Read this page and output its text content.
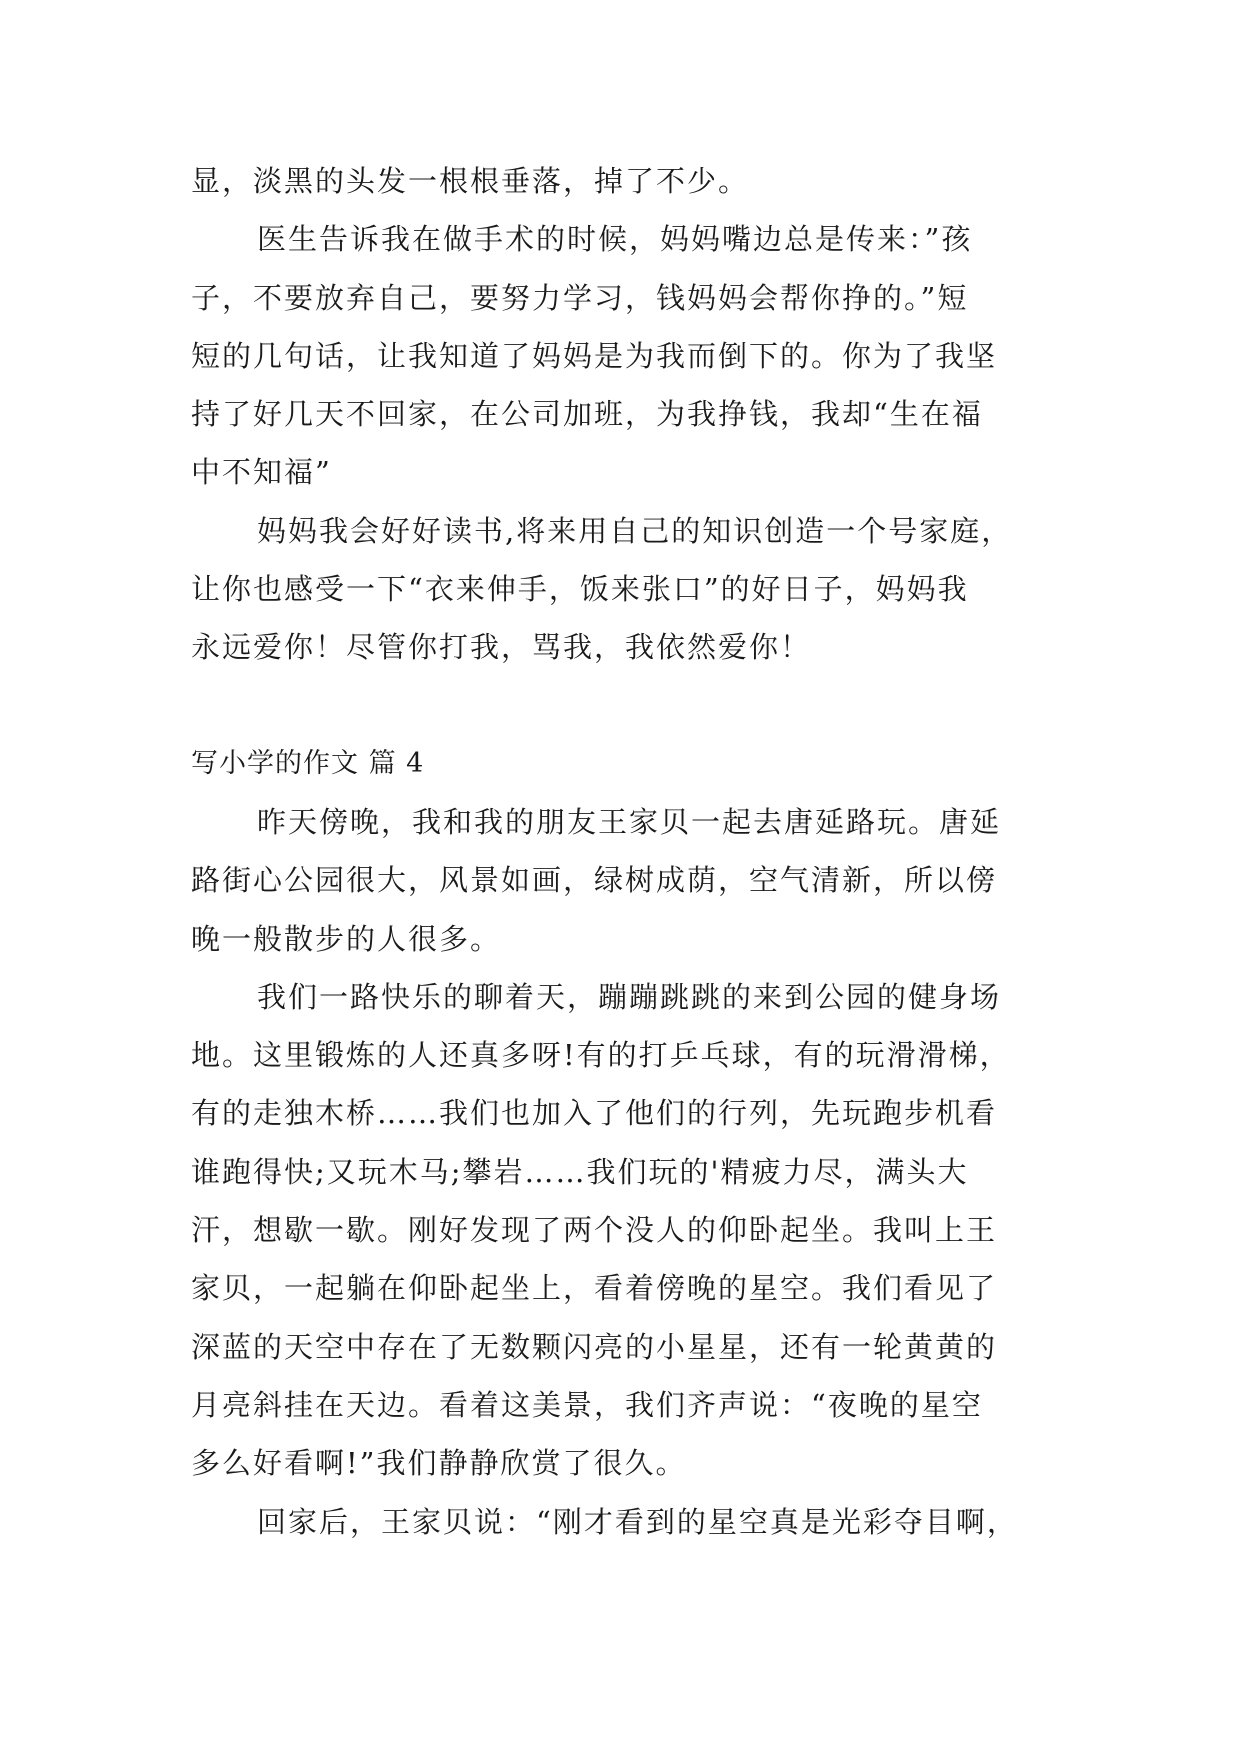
显，淡黑的头发一根根垂落，掉了不少。
医生告诉我在做手术的时候，妈妈嘴边总是传来：”孩
子，不要放弃自己，要努力学习，钱妈妈会帮你挣的。”短
短的几句话，让我知道了妈妈是为我而倒下的。你为了我坚
持了好几天不回家，在公司加班，为我挣钱，我却“生在福
中不知福”
妈妈我会好好读书,将来用自己的知识创造一个号家庭，
让你也感受一下“衣来伸手，饭来张口”的好日子，妈妈我
永远爱你！尽管你打我，骂我，我依然爱你！
写小学的作文 篇 4
昨天傍晚，我和我的朋友王家贝一起去唐延路玩。唐延
路街心公园很大，风景如画，绿树成荫，空气清新，所以傍
晚一般散步的人很多。
我们一路快乐的聊着天，蹦蹦跳跳的来到公园的健身场
地。这里锻炼的人还真多呀!有的打乒乓球，有的玩滑滑梯，
有的走独木桥……我们也加入了他们的行列，先玩跑步机看
谁跑得快;又玩木马;攀岩……我们玩的'精疲力尽，满头大
汗，想歇一歇。刚好发现了两个没人的仰卧起坐。我叫上王
家贝，一起躺在仰卧起坐上，看着傍晚的星空。我们看见了
深蓝的天空中存在了无数颗闪亮的小星星，还有一轮黄黄的
月亮斜挂在天边。看着这美景，我们齐声说：“夜晚的星空
多么好看啊!”我们静静欣赏了很久。
回家后，王家贝说：“刚才看到的星空真是光彩夺目啊，
